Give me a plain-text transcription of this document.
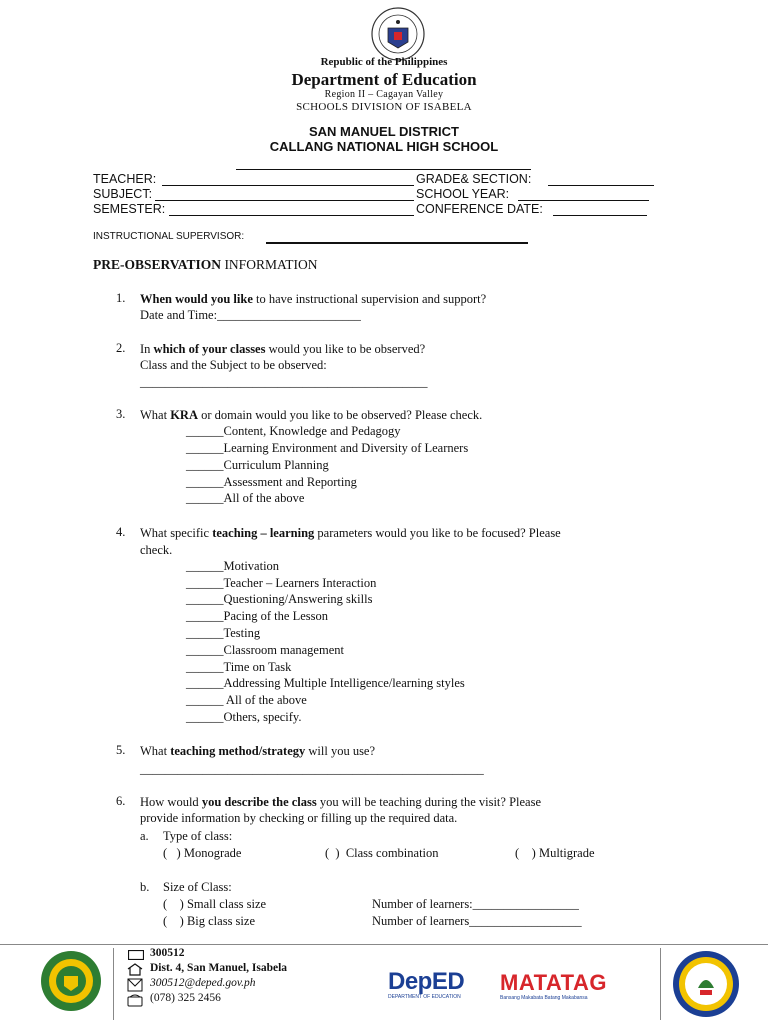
Republic of the Philippines
Department of Education
Region II – Cagayan Valley
SCHOOLS DIVISION OF ISABELA
SAN MANUEL DISTRICT
CALLANG NATIONAL HIGH SCHOOL
TEACHER:	GRADE& SECTION:
SUBJECT:	SCHOOL YEAR:
SEMESTER:	CONFERENCE DATE:
INSTRUCTIONAL SUPERVISOR:
PRE-OBSERVATION INFORMATION
1. When would you like to have instructional supervision and support?
Date and Time:_______________________
2. In which of your classes would you like to be observed?
Class and the Subject to be observed:
______________________________________________
3. What KRA or domain would you like to be observed? Please check.
______Content, Knowledge and Pedagogy
______Learning Environment and Diversity of Learners
______Curriculum Planning
______Assessment and Reporting
______All of the above
4. What specific teaching – learning parameters would you like to be focused? Please
check.
______Motivation
______Teacher – Learners Interaction
______Questioning/Answering skills
______Pacing of the Lesson
______Testing
______Classroom management
______Time on Task
______Addressing Multiple Intelligence/learning styles
______ All of the above
______Others, specify.
5. What teaching method/strategy will you use?
_______________________________________________________
6. How would you describe the class you will be teaching during the visit? Please
provide information by checking or filling up the required data.
a. Type of class:
(   ) Monograde	(  )  Class combination	(    ) Multigrade
b. Size of Class:
(    ) Small class size	Number of learners:_________________
(    ) Big class size	Number of learners__________________
300512
Dist. 4, San Manuel, Isabela
300512@deped.gov.ph
(078) 325 2456
DepED
DEPARTMENT OF EDUCATION
MATATAG
Bansang Makabata Batang Makabansa
